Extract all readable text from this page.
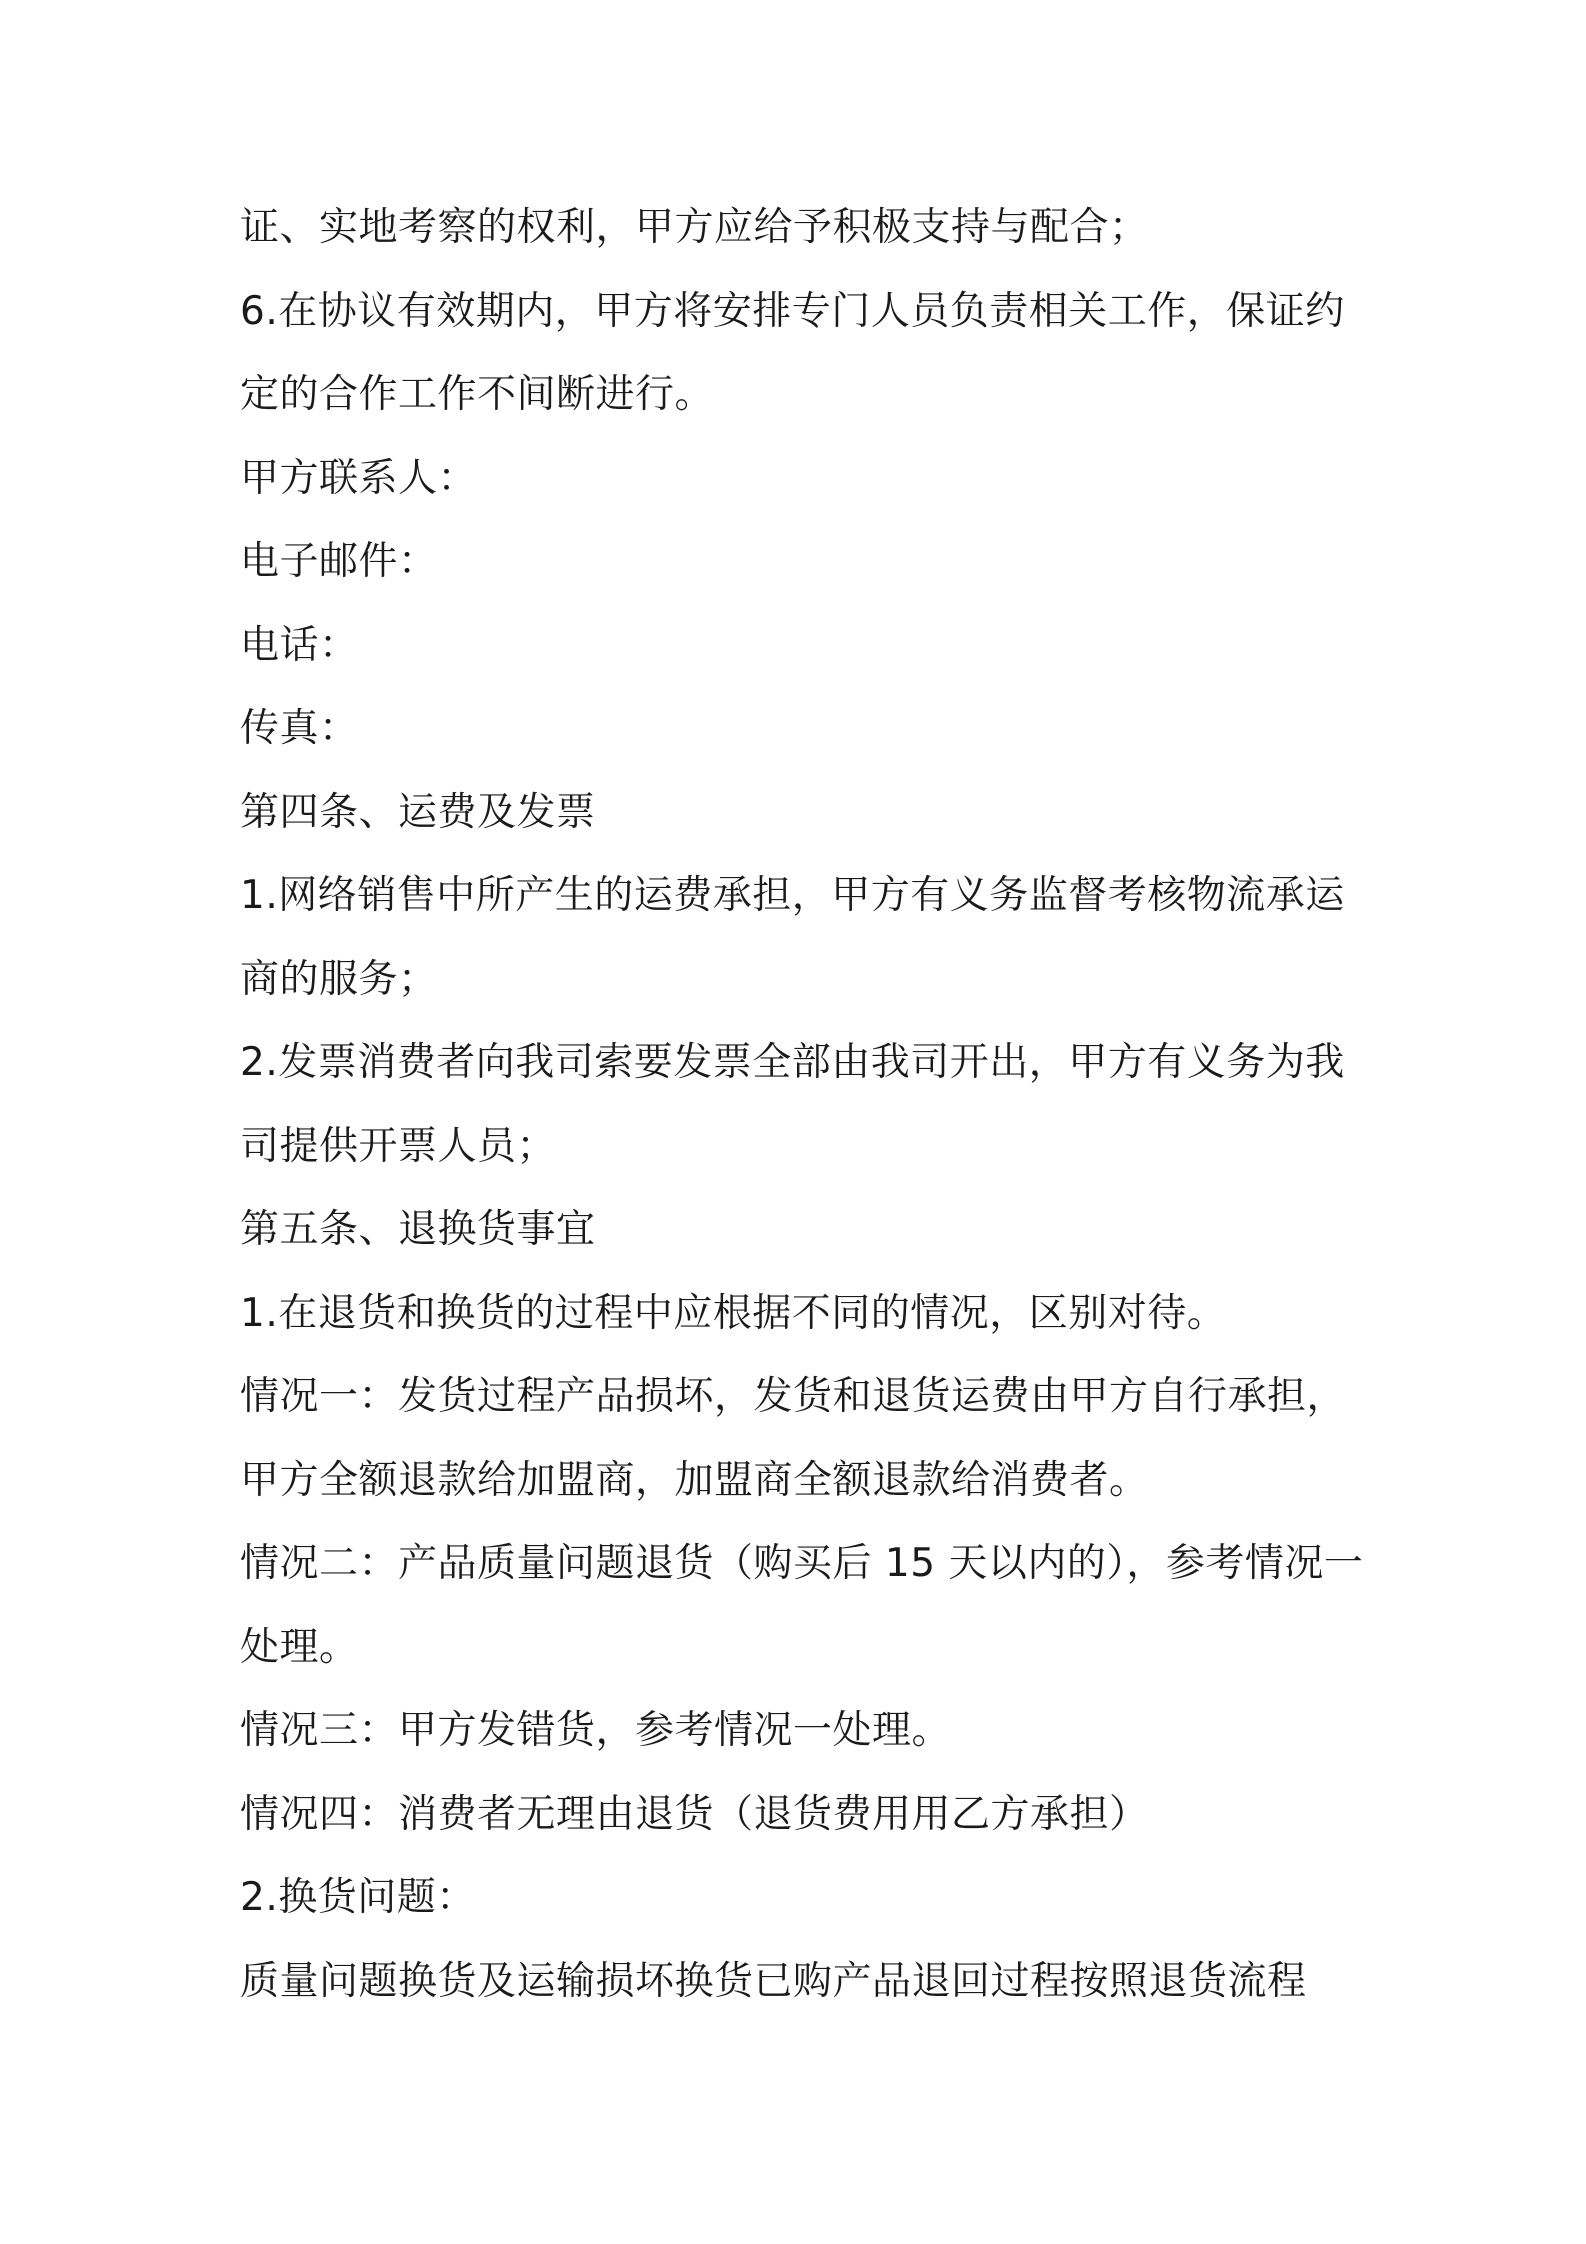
证、实地考察的权利，甲方应给予积极支持与配合；
6.在协议有效期内，甲方将安排专门人员负责相关工作，保证约
定的合作工作不间断进行。
甲方联系人：
电子邮件：
电话：
传真：
第四条、运费及发票
1.网络销售中所产生的运费承担，甲方有义务监督考核物流承运
商的服务；
2.发票消费者向我司索要发票全部由我司开出，甲方有义务为我
司提供开票人员；
第五条、退换货事宜
1.在退货和换货的过程中应根据不同的情况，区别对待。
情况一：发货过程产品损坏，发货和退货运费由甲方自行承担，
甲方全额退款给加盟商，加盟商全额退款给消费者。
情况二：产品质量问题退货（购买后 15 天以内的），参考情况一
处理。
情况三：甲方发错货，参考情况一处理。
情况四：消费者无理由退货（退货费用用乙方承担）
2.换货问题：
质量问题换货及运输损坏换货已购产品退回过程按照退货流程
